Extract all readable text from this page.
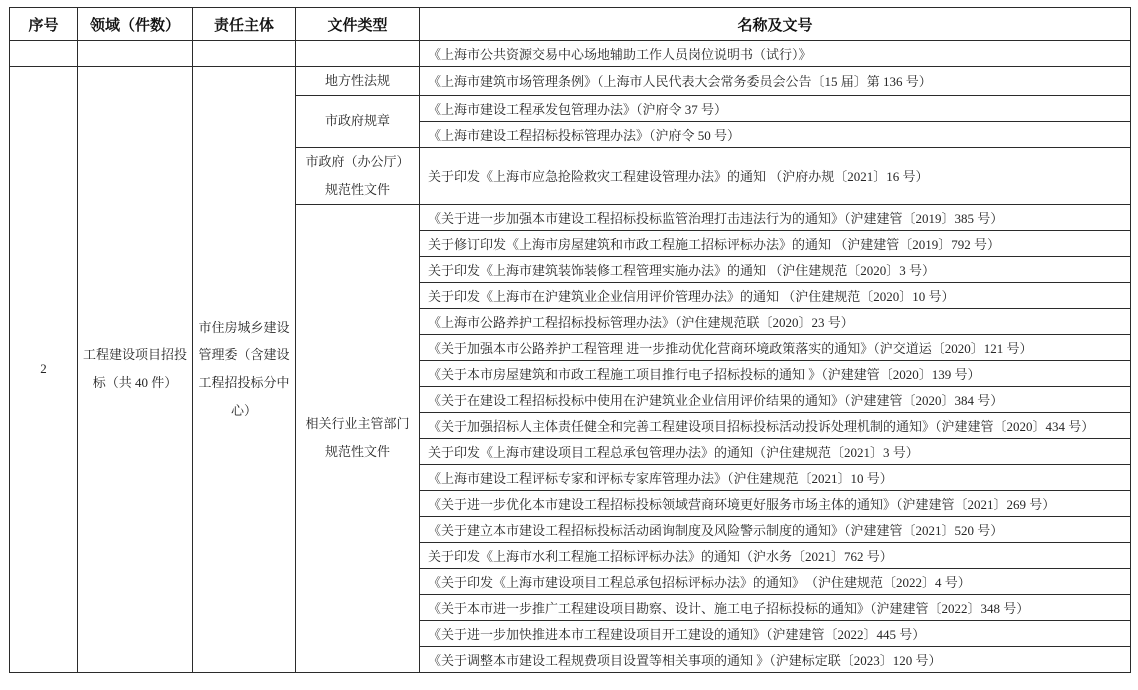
序号	领域（件数）	责任主体	文件类型	名称及文号
				《上海市公共资源交易中心场地辅助工作人员岗位说明书（试行）》
2	工程建设项目招投标（共 40 件）	市住房城乡建设管理委（含建设工程招投标分中心）	地方性法规	《上海市建筑市场管理条例》（上海市人民代表大会常务委员会公告〔15 届〕第 136 号）
			市政府规章	《上海市建设工程承发包管理办法》（沪府令 37 号）
				《上海市建设工程招标投标管理办法》（沪府令 50 号）
			市政府（办公厅）规范性文件	关于印发《上海市应急抢险救灾工程建设管理办法》的通知 （沪府办规〔2021〕16 号）
			相关行业主管部门规范性文件	《关于进一步加强本市建设工程招标投标监管治理打击违法行为的通知》（沪建建管〔2019〕385 号）
				关于修订印发《上海市房屋建筑和市政工程施工招标评标办法》的通知 （沪建建管〔2019〕792 号）
				关于印发《上海市建筑装饰装修工程管理实施办法》的通知 （沪住建规范〔2020〕3 号）
				关于印发《上海市在沪建筑业企业信用评价管理办法》的通知 （沪住建规范〔2020〕10 号）
				《上海市公路养护工程招标投标管理办法》（沪住建规范联〔2020〕23 号）
				《关于加强本市公路养护工程管理 进一步推动优化营商环境政策落实的通知》（沪交道运〔2020〕121 号）
				《关于本市房屋建筑和市政工程施工项目推行电子招标投标的通知 》（沪建建管〔2020〕139 号）
				《关于在建设工程招标投标中使用在沪建筑业企业信用评价结果的通知》（沪建建管〔2020〕384 号）
				《关于加强招标人主体责任健全和完善工程建设项目招标投标活动投诉处理机制的通知》（沪建建管〔2020〕434 号）
				关于印发《上海市建设项目工程总承包管理办法》的通知（沪住建规范〔2021〕3 号）
				《上海市建设工程评标专家和评标专家库管理办法》（沪住建规范〔2021〕10 号）
				《关于进一步优化本市建设工程招标投标领域营商环境更好服务市场主体的通知》（沪建建管〔2021〕269 号）
				《关于建立本市建设工程招标投标活动函询制度及风险警示制度的通知》（沪建建管〔2021〕520 号）
				关于印发《上海市水利工程施工招标评标办法》的通知（沪水务〔2021〕762 号）
				《关于印发《上海市建设项目工程总承包招标评标办法》的通知》　（沪住建规范〔2022〕4 号）
				《关于本市进一步推广工程建设项目勘察、设计、施工电子招标投标的通知》（沪建建管〔2022〕348 号）
				《关于进一步加快推进本市工程建设项目开工建设的通知》（沪建建管〔2022〕445 号）
				《关于调整本市建设工程规费项目设置等相关事项的通知 》（沪建标定联〔2023〕120 号）
